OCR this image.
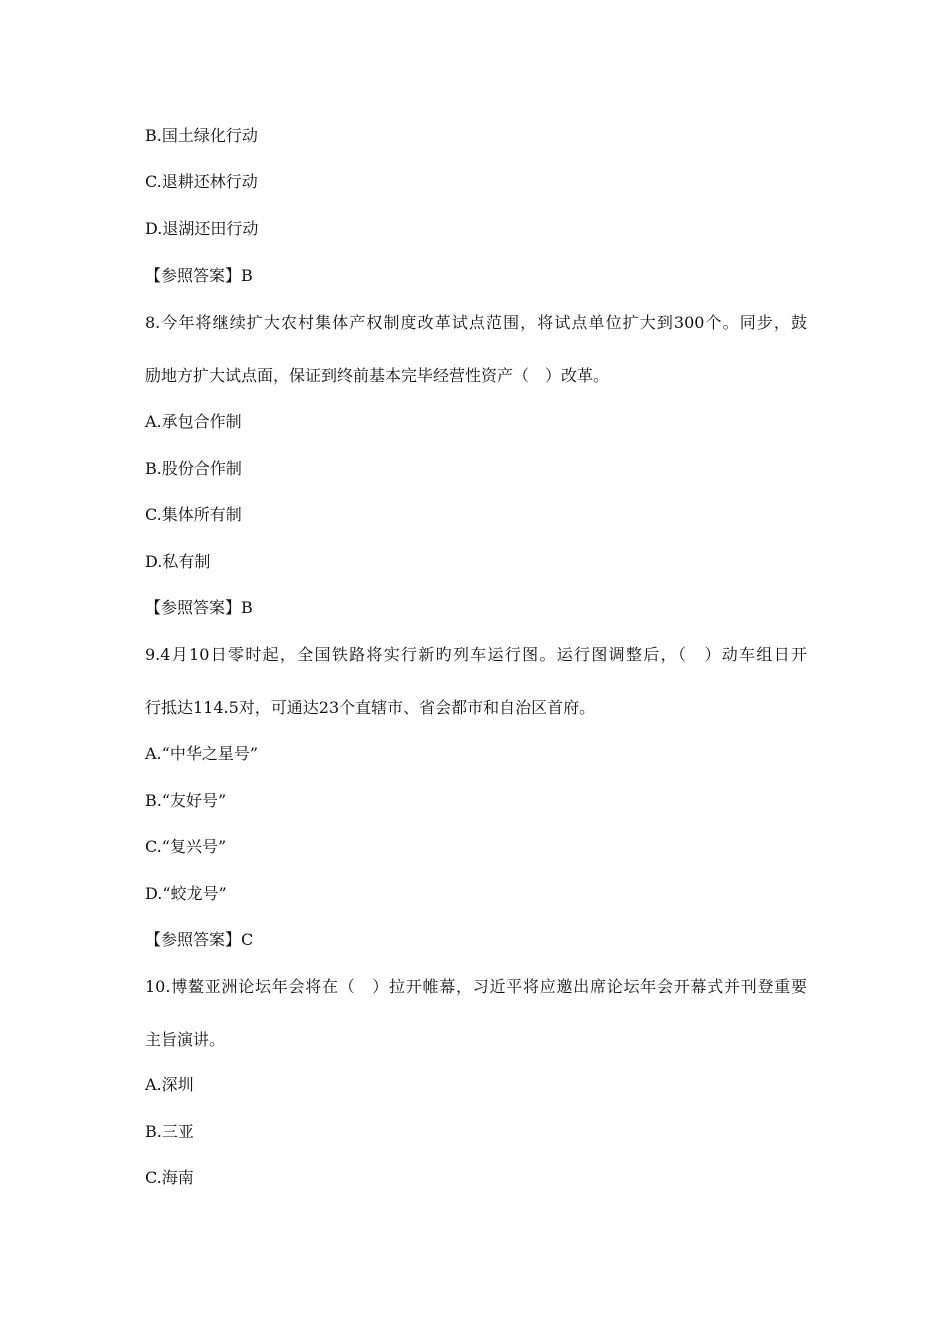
B.国土绿化行动
C.退耕还林行动
D.退湖还田行动
【参照答案】B
8.今年将继续扩大农村集体产权制度改革试点范围，将试点单位扩大到300个。同步，鼓
励地方扩大试点面，保证到终前基本完毕经营性资产（　）改革。
A.承包合作制
B.股份合作制
C.集体所有制
D.私有制
【参照答案】B
9.4月10日零时起，全国铁路将实行新旳列车运行图。运行图调整后，（　）动车组日开
行抵达114.5对，可通达23个直辖市、省会都市和自治区首府。
A.“中华之星号”
B.“友好号”
C.“复兴号”
D.“蛟龙号”
【参照答案】C
10.博鳌亚洲论坛年会将在（　）拉开帷幕，习近平将应邀出席论坛年会开幕式并刊登重要
主旨演讲。
A.深圳
B.三亚
C.海南
